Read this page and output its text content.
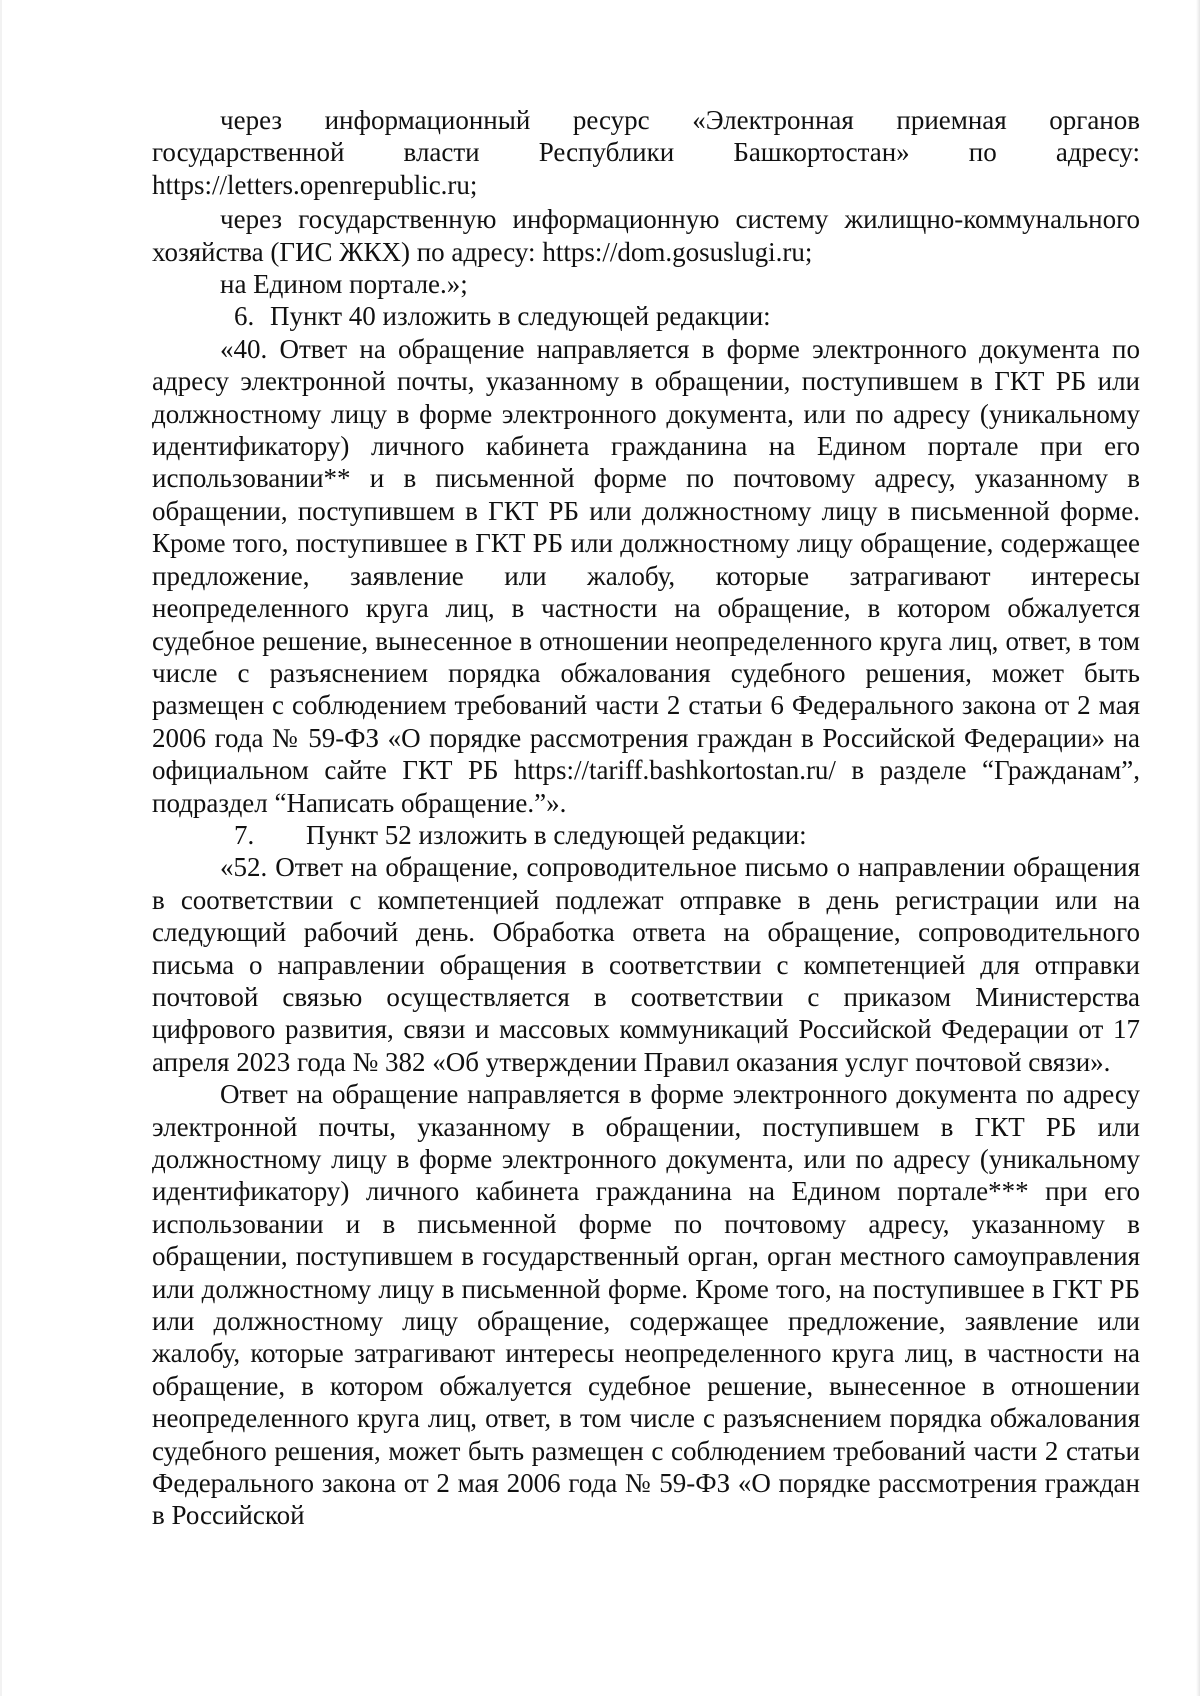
через информационный ресурс «Электронная приемная органов государственной власти Республики Башкортостан» по адресу: https://letters.openrepublic.ru;

через государственную информационную систему жилищно-коммунального хозяйства (ГИС ЖКХ) по адресу: https://dom.gosuslugi.ru;

на Едином портале.»;

6. Пункт 40 изложить в следующей редакции:

«40. Ответ на обращение направляется в форме электронного документа по адресу электронной почты, указанному в обращении, поступившем в ГКТ РБ или должностному лицу в форме электронного документа, или по адресу (уникальному идентификатору) личного кабинета гражданина на Едином портале при его использовании** и в письменной форме по почтовому адресу, указанному в обращении, поступившем в ГКТ РБ или должностному лицу в письменной форме. Кроме того, поступившее в ГКТ РБ или должностному лицу обращение, содержащее предложение, заявление или жалобу, которые затрагивают интересы неопределенного круга лиц, в частности на обращение, в котором обжалуется судебное решение, вынесенное в отношении неопределенного круга лиц, ответ, в том числе с разъяснением порядка обжалования судебного решения, может быть размещен с соблюдением требований части 2 статьи 6 Федерального закона от 2 мая 2006 года № 59-ФЗ «О порядке рассмотрения граждан в Российской Федерации» на официальном сайте ГКТ РБ https://tariff.bashkortostan.ru/ в разделе “Гражданам”, подраздел “Написать обращение.”».

7. Пункт 52 изложить в следующей редакции:

«52. Ответ на обращение, сопроводительное письмо о направлении обращения в соответствии с компетенцией подлежат отправке в день регистрации или на следующий рабочий день. Обработка ответа на обращение, сопроводительного письма о направлении обращения в соответствии с компетенцией для отправки почтовой связью осуществляется в соответствии с приказом Министерства цифрового развития, связи и массовых коммуникаций Российской Федерации от 17 апреля 2023 года № 382 «Об утверждении Правил оказания услуг почтовой связи».

Ответ на обращение направляется в форме электронного документа по адресу электронной почты, указанному в обращении, поступившем в ГКТ РБ или должностному лицу в форме электронного документа, или по адресу (уникальному идентификатору) личного кабинета гражданина на Едином портале*** при его использовании и в письменной форме по почтовому адресу, указанному в обращении, поступившем в государственный орган, орган местного самоуправления или должностному лицу в письменной форме. Кроме того, на поступившее в ГКТ РБ или должностному лицу обращение, содержащее предложение, заявление или жалобу, которые затрагивают интересы неопределенного круга лиц, в частности на обращение, в котором обжалуется судебное решение, вынесенное в отношении неопределенного круга лиц, ответ, в том числе с разъяснением порядка обжалования судебного решения, может быть размещен с соблюдением требований части 2 статьи Федерального закона от 2 мая 2006 года № 59-ФЗ «О порядке рассмотрения граждан в Российской
